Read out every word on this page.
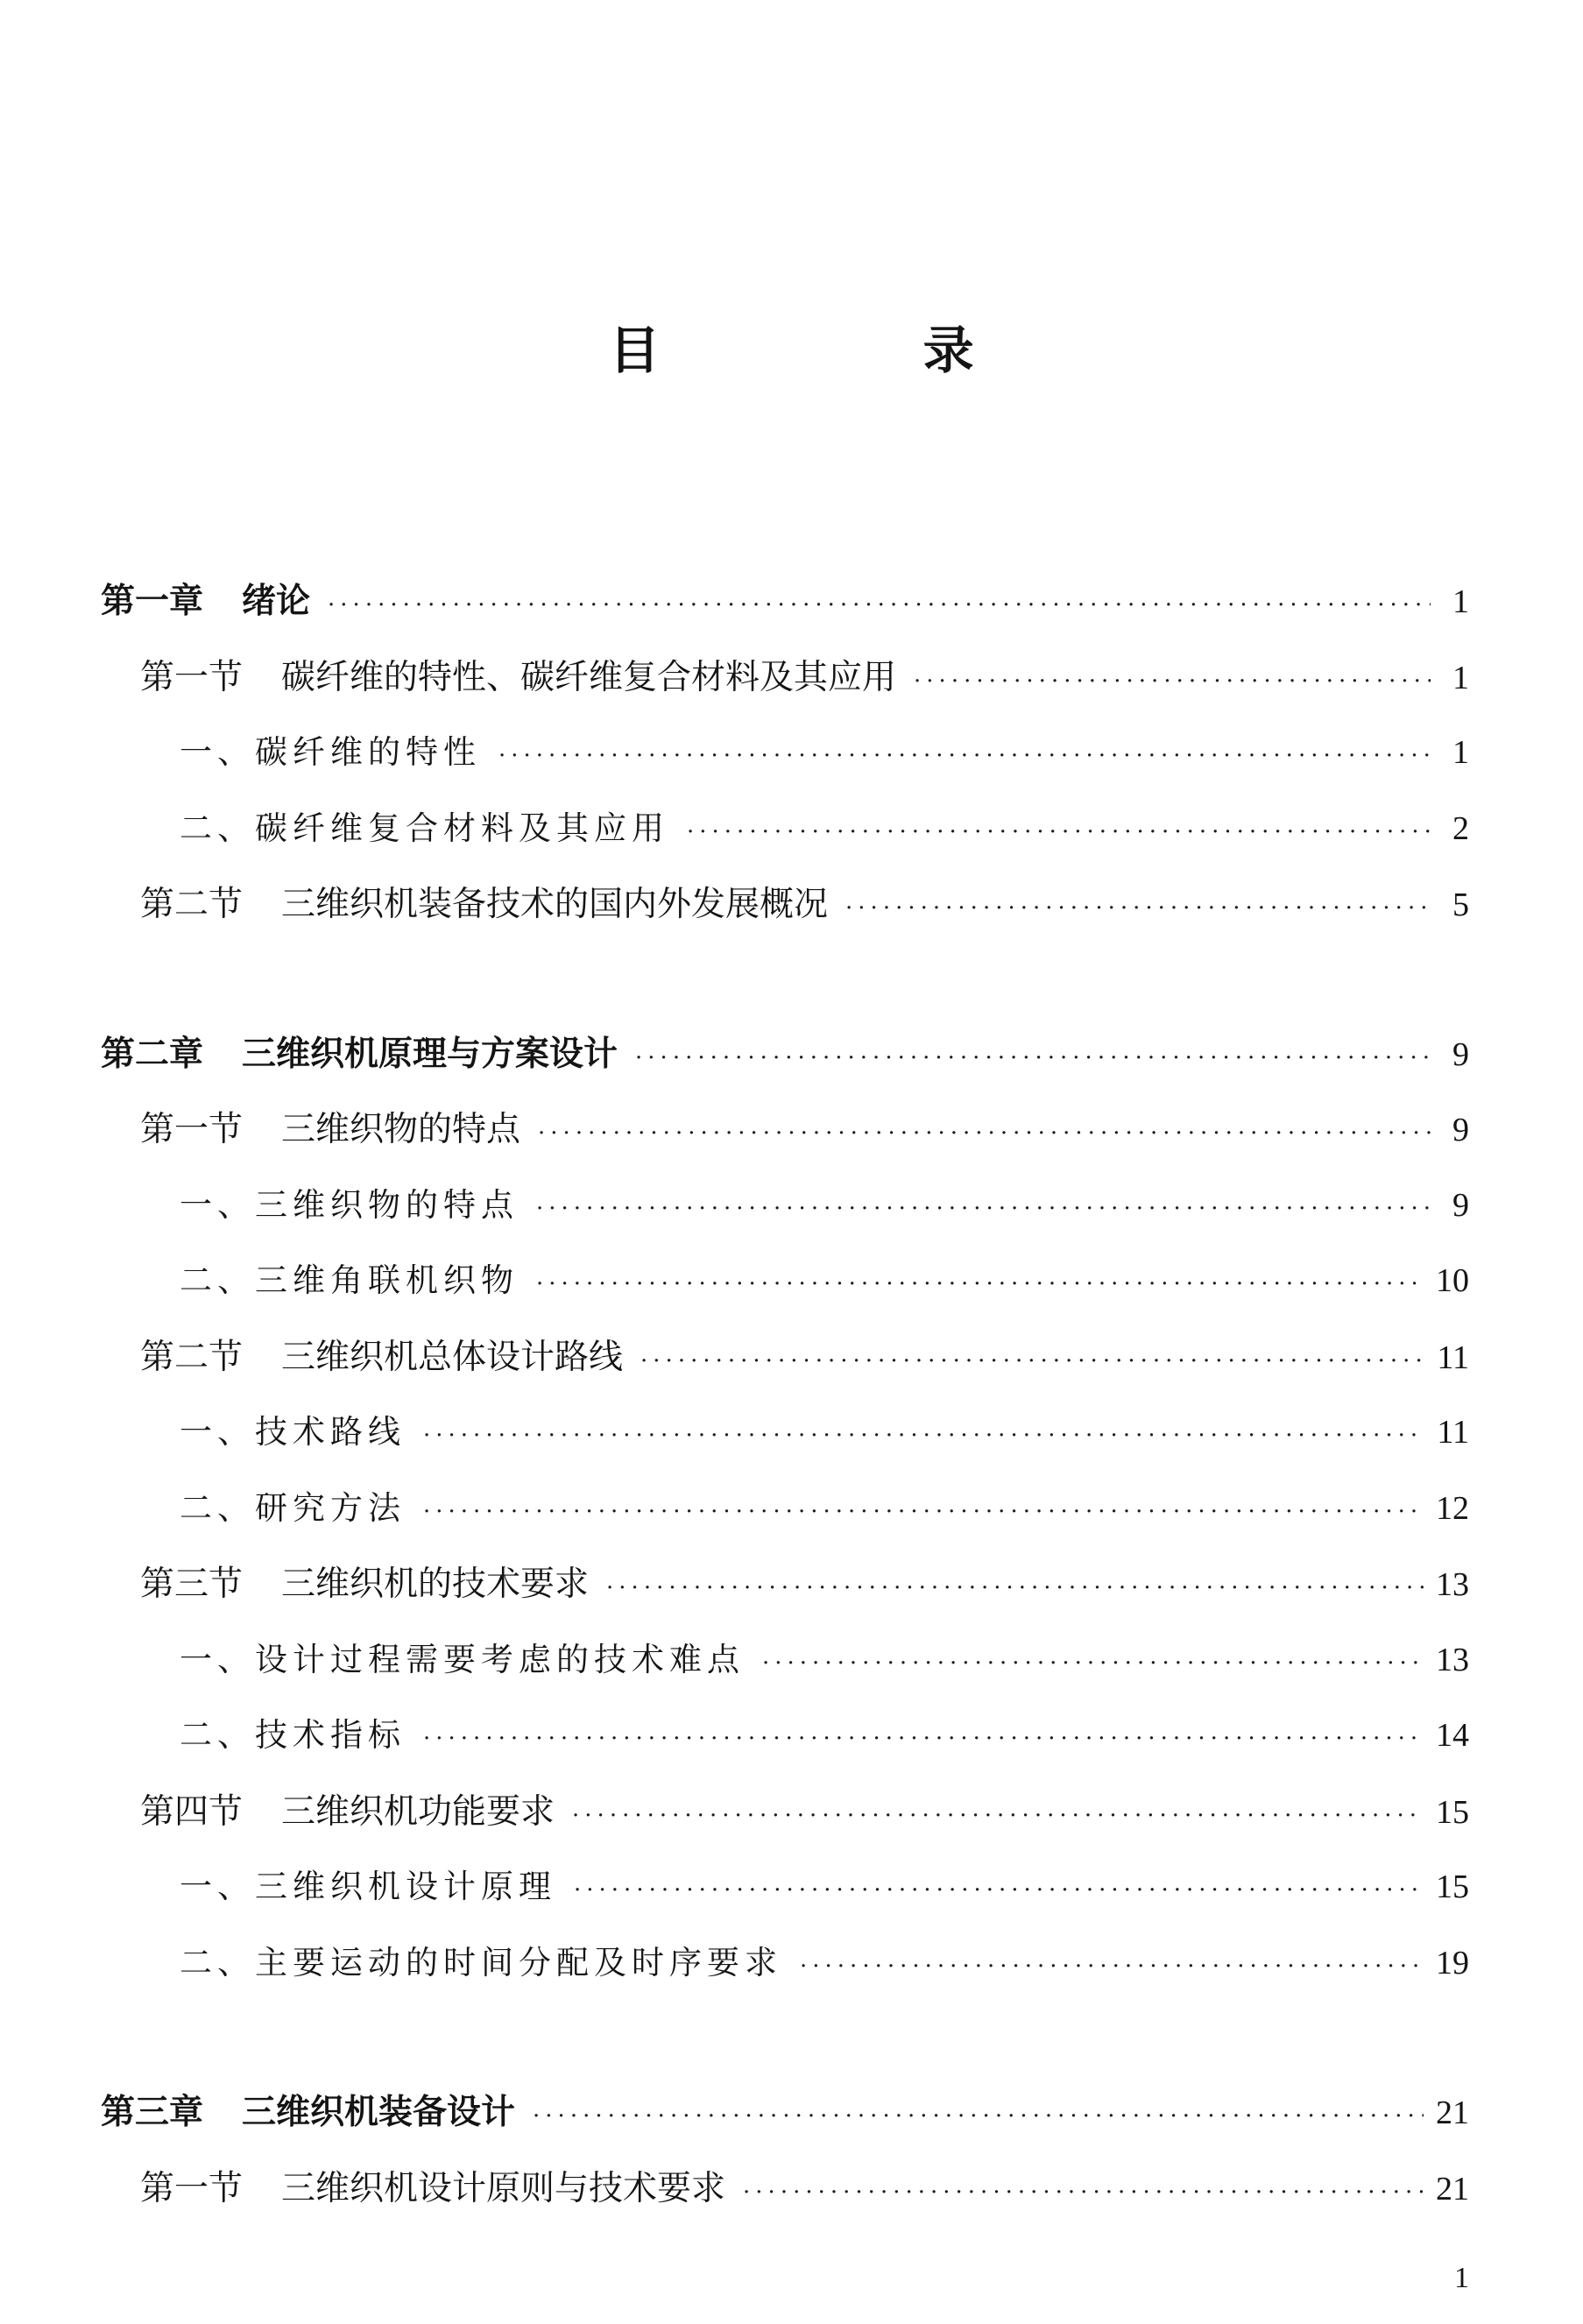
目 录
第一章 绪论 ·····	1
第一节 碳纤维的特性、碳纤维复合材料及其应用 ·····	1
一、碳纤维的特性 ·····	1
二、碳纤维复合材料及其应用 ·····	2
第二节 三维织机装备技术的国内外发展概况 ·····	5
第二章 三维织机原理与方案设计 ·····	9
第一节 三维织物的特点 ·····	9
一、三维织物的特点 ·····	9
二、三维角联机织物 ·····	10
第二节 三维织机总体设计路线 ·····	11
一、技术路线 ·····	11
二、研究方法 ·····	12
第三节 三维织机的技术要求 ·····	13
一、设计过程需要考虑的技术难点 ·····	13
二、技术指标 ·····	14
第四节 三维织机功能要求 ·····	15
一、三维织机设计原理 ·····	15
二、主要运动的时间分配及时序要求 ·····	19
第三章 三维织机装备设计 ·····	21
第一节 三维织机设计原则与技术要求 ·····	21
1
